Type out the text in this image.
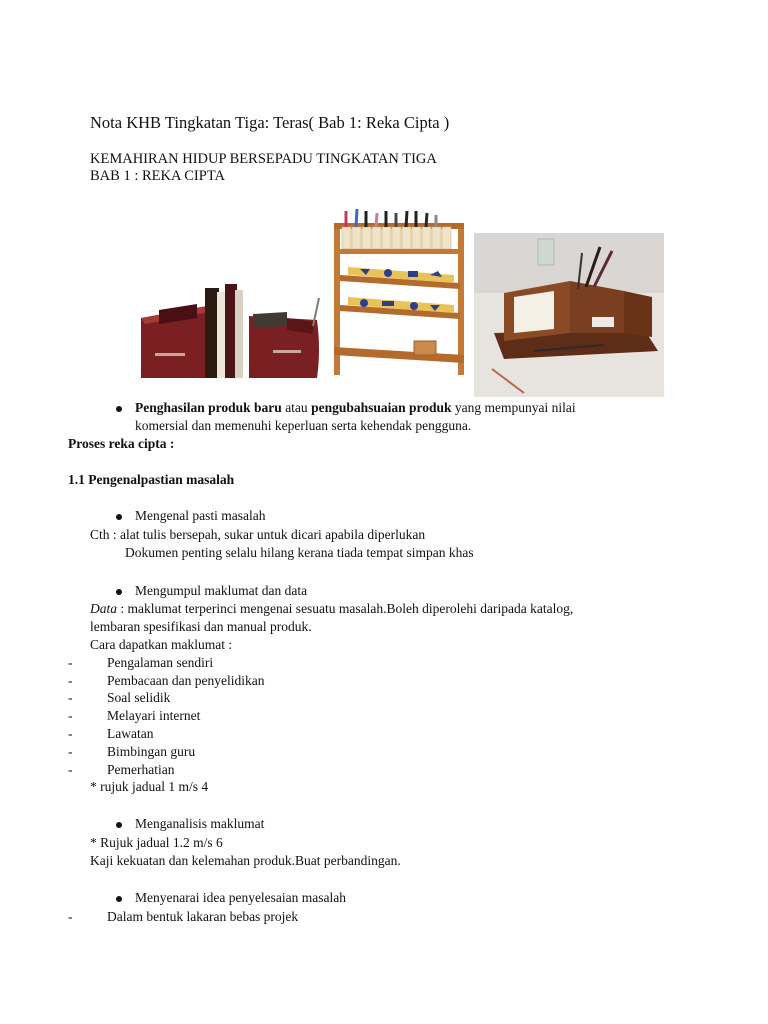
Nota KHB Tingkatan Tiga: Teras( Bab 1: Reka Cipta )
KEMAHIRAN HIDUP BERSEPADU TINGKATAN TIGA
BAB 1 : REKA CIPTA
Penghasilan produk baru atau pengubahsuaian produk yang mempunyai nilai
komersial dan memenuhi keperluan serta kehendak pengguna.
Proses reka cipta :
1.1 Pengenalpastian masalah
Mengenal pasti masalah
Cth : alat tulis bersepah, sukar untuk dicari apabila diperlukan
Dokumen penting selalu hilang kerana tiada tempat simpan khas
Mengumpul maklumat dan data
Data : maklumat terperinci mengenai sesuatu masalah.Boleh diperolehi daripada katalog,
lembaran spesifikasi dan manual produk.
Cara dapatkan maklumat :
-	Pengalaman sendiri
-	Pembacaan dan penyelidikan
-	Soal selidik
-	Melayari internet
-	Lawatan
-	Bimbingan guru
-	Pemerhatian
* rujuk jadual 1 m/s 4
Menganalisis maklumat
* Rujuk jadual 1.2 m/s 6
Kaji kekuatan dan kelemahan produk.Buat perbandingan.
Menyenarai idea penyelesaian masalah
-	Dalam bentuk lakaran bebas projek
